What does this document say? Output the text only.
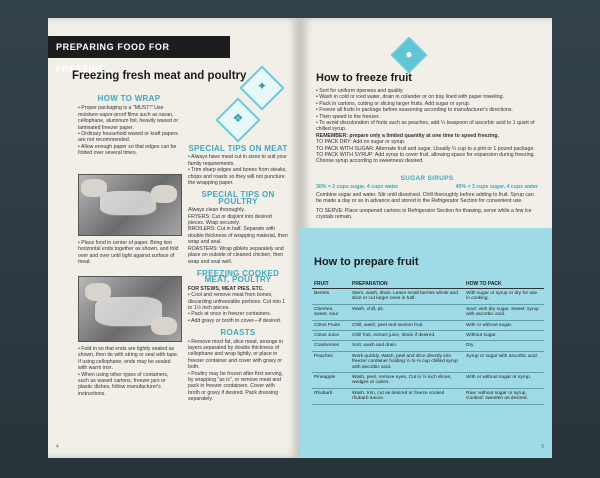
PREPARING FOOD FOR FREEZING...
Freezing fresh meat and poultry
✦
❖
HOW TO WRAP
• Proper packaging is a "MUST!" Use moisture-vapor-proof films such as saran, cellophane, aluminum foil, heavily waxed or laminated freezer paper.
• Ordinary household waxed or kraft papers are not recommended.
• Allow enough paper so that edges can be folded over several times.
• Place food in center of paper. Bring two horizontal ends together as shown, and fold over and over until tight against surface of meat.
• Fold in so that ends are tightly sealed as shown, then tie with string or seal with tape. If using cellophane, ends may be sealed with warm iron.
• When using other types of containers, such as waxed cartons, freezer jars or plastic dishes, follow manufacturer's instructions.
SPECIAL TIPS ON MEAT
• Always have meat cut in sizes to suit your family requirements.
• Trim sharp edges and bones from steaks, chops and roasts so they will not puncture the wrapping paper.
SPECIAL TIPS ON POULTRY
Always clean thoroughly.
FRYERS: Cut or disjoint into desired pieces. Wrap securely.
BROILERS: Cut in half. Separate with double thickness of wrapping material, then wrap and seal.
ROASTERS: Wrap giblets separately and place on outside of cleaned chicken, then wrap and seal well.
FREEZING COOKED MEAT, POULTRY
FOR STEWS, MEAT PIES, ETC.
• Cool and remove meat from bones, discarding unfreezable portions. Cut into 1 to 1½ inch pieces.
• Pack at once in freezer containers.
• Add gravy or broth to cover—if desired.
ROASTS
• Remove most fat, slice meat, arrange in layers separated by double thickness of cellophane and wrap tightly, or place in freezer container and cover with gravy or both.
• Poultry may be frozen after first serving, by wrapping "as is", or remove meat and pack in freezer containers. Cover with broth or gravy if desired. Pack dressing separately.
4
●
How to freeze fruit
• Sort for uniform ripeness and quality.
• Wash in cold or iced water, drain in colander or on tray lined with paper toweling.
• Pack in cartons, cutting or slicing larger fruits. Add sugar or syrup.
• Freeze all fruits in package before seasoning according to manufacturer's directions.
• Then speed to the freezer.
• To avoid discoloration of fruits such as peaches, add ¼ teaspoon of ascorbic acid to 1 quart of chilled syrup.
REMEMBER: prepare only a limited quantity at one time to speed freezing.
TO PACK DRY: Add no sugar or syrup.
TO PACK WITH SUGAR: Alternate fruit and sugar. Usually ¼ cup to a pint or 1 pound package.
TO PACK WITH SYRUP: Add syrup to cover fruit, allowing space for expansion during freezing. Choose syrup according to sweetness desired.
SUGAR SIRUPS
30% = 2 cups sugar, 4 cups water	40% = 3 cups sugar, 4 cups water
Combine sugar and water. Stir until dissolved. Chill thoroughly before adding to fruit. Syrup can be made a day or so in advance and stored in the Refrigerator Section for convenient use.
TO SERVE: Place unopened cartons in Refrigerator Section for thawing, serve while a few ice crystals remain.
How to prepare fruit
FRUIT	PREPARATION	HOW TO PACK
Berries	Stem, wash, drain. Leave small berries whole and slice or cut larger ones in half.	With sugar or syrup or dry for use in cooking.
Cherries, sweet, sour	Wash, chill, pit.	Sour: with dry sugar. Sweet: syrup with ascorbic acid.
Citrus Fruits	Chill, wash, peel and section fruit.	With or without sugar.
Citrus Juice	Chill fruit, extract juice, strain if desired.	Without sugar.
Cranberries	Sort, wash and drain.	Dry.
Peaches	Work quickly. Wash, peel and slice directly into freezer container holding ½ to ⅔ cup chilled syrup with ascorbic acid.	Syrup or sugar with ascorbic acid.
Pineapple	Wash, peel, remove eyes. Cut in ½ inch slices, wedges or cubes.	With or without sugar or syrup.
Rhubarb	Wash, trim, cut as desired or freeze cooked rhubarb sauce.	Raw: without sugar or syrup. Cooked: sweeten as desired.
5
